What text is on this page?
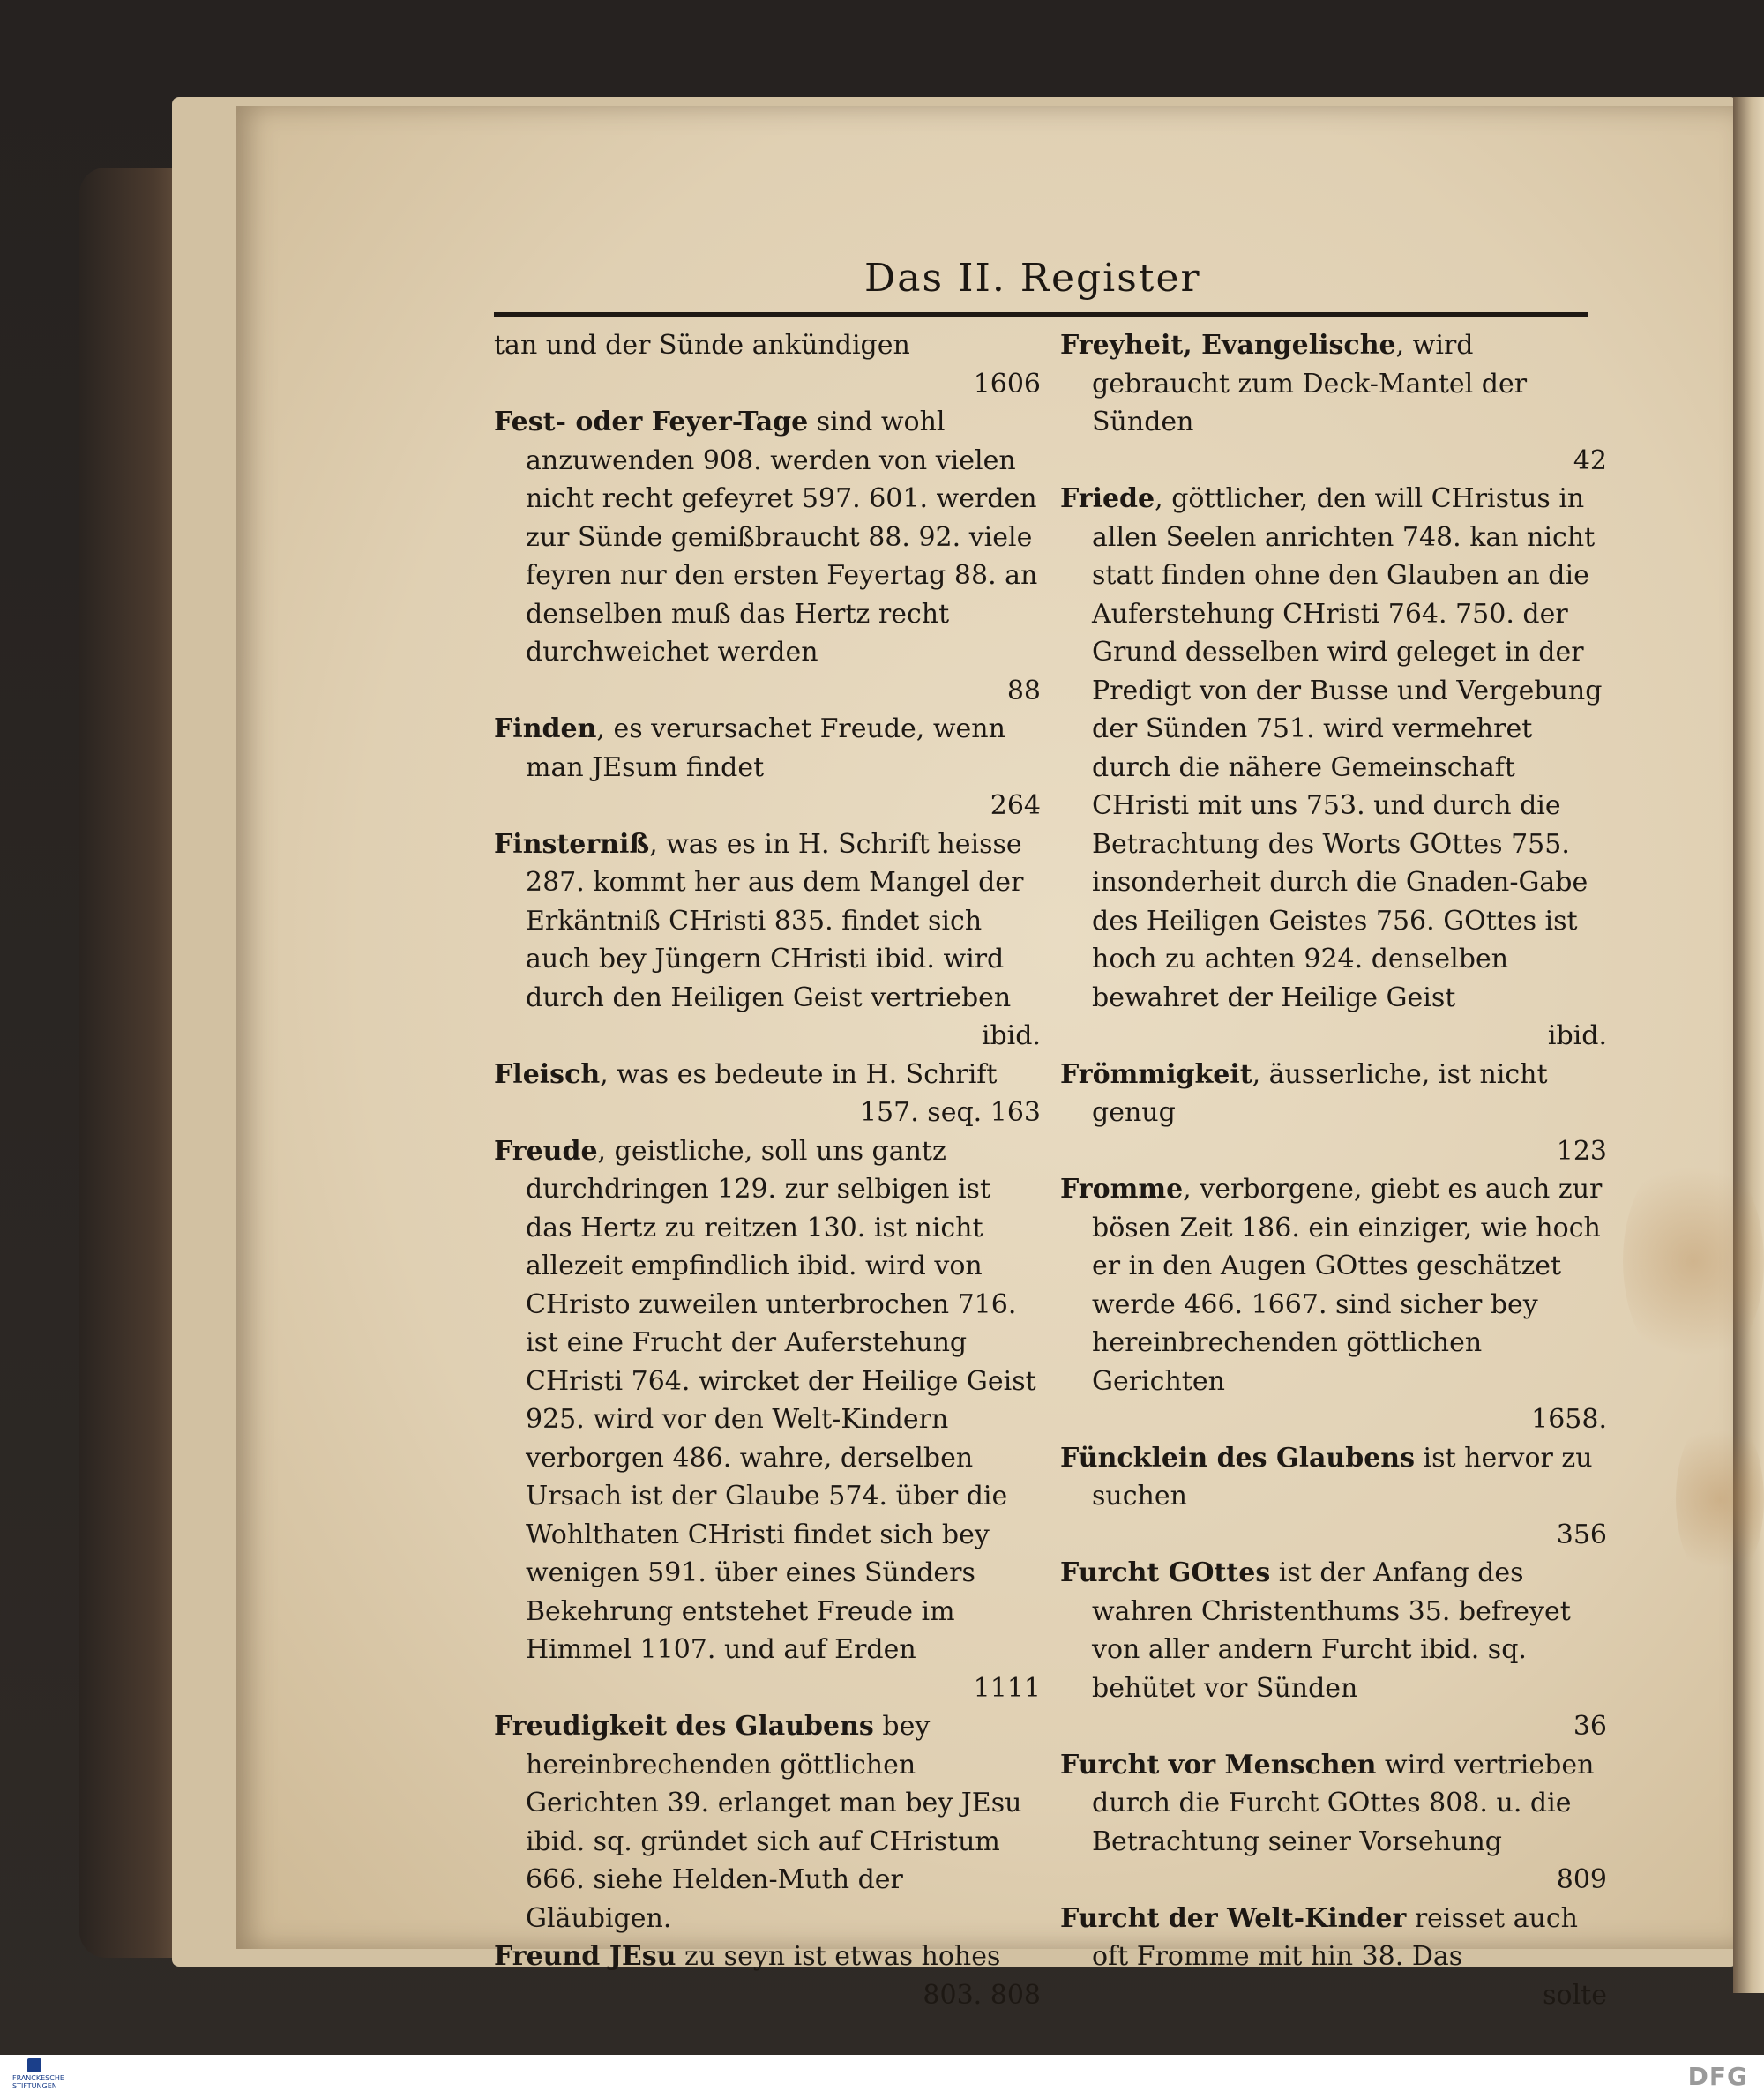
Das II. Register

tan und der Sünde ankündigen

1606

Fest- oder Feyer-Tage sind wohl anzuwenden 908. werden von vielen nicht recht gefeyret 597. 601. werden zur Sünde gemißbraucht 88. 92. viele feyren nur den ersten Feyertag 88. an denselben muß das Hertz recht durchweichet werden

88

Finden, es verursachet Freude, wenn man JEsum findet

264

Finsterniß, was es in H. Schrift heisse 287. kommt her aus dem Mangel der Erkäntniß CHristi 835. findet sich auch bey Jüngern CHristi ibid. wird durch den Heiligen Geist vertrieben

ibid.

Fleisch, was es bedeute in H. Schrift

157. seq. 163

Freude, geistliche, soll uns gantz durchdringen 129. zur selbigen ist das Hertz zu reitzen 130. ist nicht allezeit empfindlich ibid. wird von CHristo zuweilen unterbrochen 716. ist eine Frucht der Auferstehung CHristi 764. wircket der Heilige Geist 925. wird vor den Welt-Kindern verborgen 486. wahre, derselben Ursach ist der Glaube 574. über die Wohlthaten CHristi findet sich bey wenigen 591. über eines Sünders Bekehrung entstehet Freude im Himmel 1107. und auf Erden

1111

Freudigkeit des Glaubens bey hereinbrechenden göttlichen Gerichten 39. erlanget man bey JEsu ibid. sq. gründet sich auf CHristum 666. siehe Helden-Muth der Gläubigen.

Freund JEsu zu seyn ist etwas hohes

803. 808

Freyheit, Evangelische, wird gebraucht zum Deck-Mantel der Sünden

42

Friede, göttlicher, den will CHristus in allen Seelen anrichten 748. kan nicht statt finden ohne den Glauben an die Auferstehung CHristi 764. 750. der Grund desselben wird geleget in der Predigt von der Busse und Vergebung der Sünden 751. wird vermehret durch die nähere Gemeinschaft CHristi mit uns 753. und durch die Betrachtung des Worts GOttes 755. insonderheit durch die Gnaden-Gabe des Heiligen Geistes 756. GOttes ist hoch zu achten 924. denselben bewahret der Heilige Geist

ibid.

Frömmigkeit, äusserliche, ist nicht genug

123

Fromme, verborgene, giebt es auch zur bösen Zeit 186. ein einziger, wie hoch er in den Augen GOttes geschätzet werde 466. 1667. sind sicher bey hereinbrechenden göttlichen Gerichten

1658.

Füncklein des Glaubens ist hervor zu suchen

356

Furcht GOttes ist der Anfang des wahren Christenthums 35. befreyet von aller andern Furcht ibid. sq. behütet vor Sünden

36

Furcht vor Menschen wird vertrieben durch die Furcht GOttes 808. u. die Betrachtung seiner Vorsehung

809

Furcht der Welt-Kinder reisset auch oft Fromme mit hin 38. Das

solte
FRANCKESCHE STIFTUNGEN	DFG
